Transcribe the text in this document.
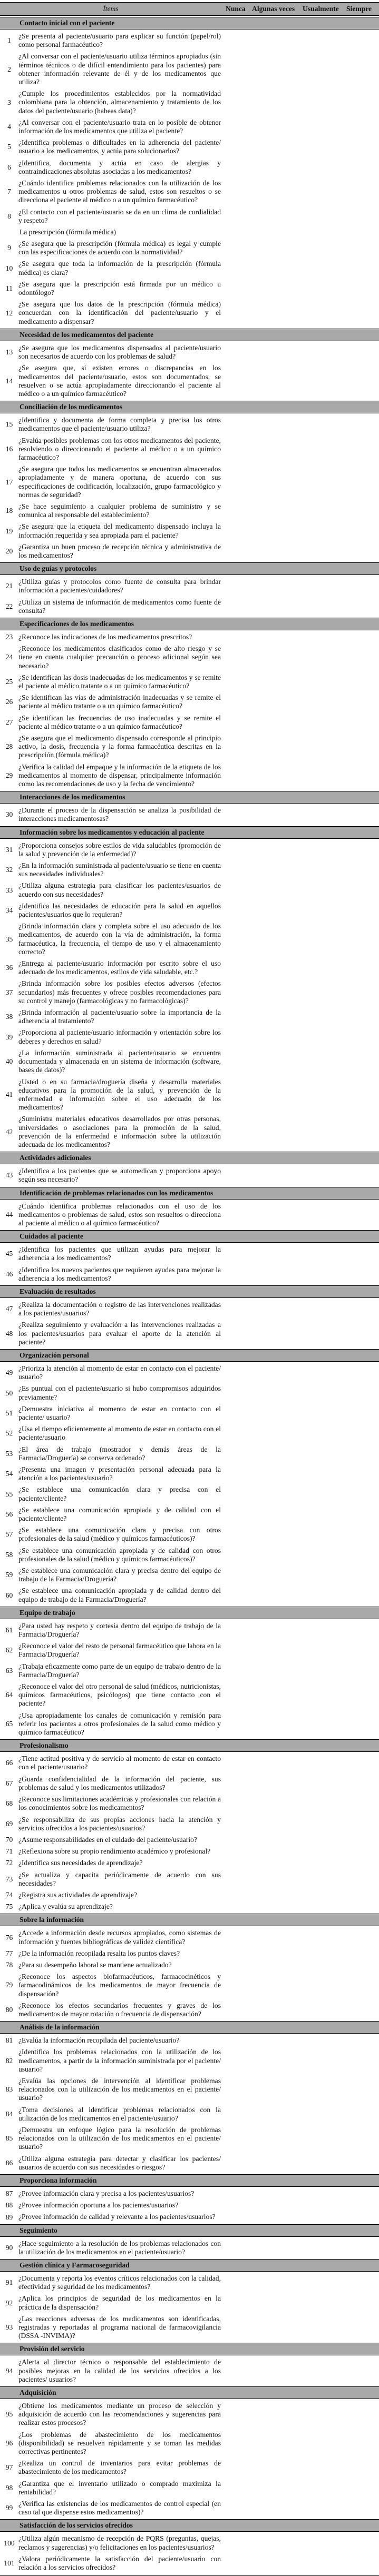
Ítems	Nunca Algunas veces Usualmente Siempre
Contacto inicial con el paciente
1
¿Se presenta al paciente/usuario para explicar su función (papel/rol) como personal farmacéutico?
2
¿Al conversar con el paciente/usuario utiliza términos apropiados (sin términos técnicos o de difícil entendimiento para los pacientes) para obtener información relevante de él y de los medicamentos que utiliza?
3
¿Cumple los procedimientos establecidos por la normatividad colombiana para la obtención, almacenamiento y tratamiento de los datos del paciente/usuario (habeas data)?
4
¿Al conversar con el paciente/usuario trata en lo posible de obtener información de los medicamentos que utiliza el paciente?
5
¿Identifica problemas o dificultades en la adherencia del paciente/ usuario a los medicamentos, y actúa para solucionarlos?
6
¿Identifica, documenta y actúa en caso de alergias y contraindicaciones absolutas asociadas a los medicamentos?
7
¿Cuándo identifica problemas relacionados con la utilización de los medicamentos u otros problemas de salud, estos son resueltos o se direcciona el paciente al médico o a un químico farmacéutico?
8
¿El contacto con el paciente/usuario se da en un clima de cordialidad y respeto?
La prescripción (fórmula médica)
9
¿Se asegura que la prescripción (fórmula médica) es legal y cumple con las especificaciones de acuerdo con la normatividad?
10
¿Se asegura que toda la información de la prescripción (fórmula médica) es clara?
11
¿Se asegura que la prescripción está firmada por un médico u odontólogo?
12
¿Se asegura que los datos de la prescripción (fórmula médica) concuerdan con la identificación del paciente/usuario y el medicamento a dispensar?
Necesidad de los medicamentos del paciente
13
¿Se asegura que los medicamentos dispensados al paciente/usuario son necesarios de acuerdo con los problemas de salud?
14
¿Se asegura que, si existen errores o discrepancias en los medicamentos del paciente/usuario, estos son documentados, se resuelven o se actúa apropiadamente direccionando el paciente al médico o a un químico farmacéutico?
Conciliación de los medicamentos
15
¿Identifica y documenta de forma completa y precisa los otros medicamentos que el paciente/usuario utiliza?
16
¿Evalúa posibles problemas con los otros medicamentos del paciente, resolviendo o direccionando el paciente al médico o a un químico farmacéutico?
17
¿Se asegura que todos los medicamentos se encuentran almacenados apropiadamente y de manera oportuna, de acuerdo con sus especificaciones de codificación, localización, grupo farmacológico y normas de seguridad?
18
¿Se hace seguimiento a cualquier problema de suministro y se comunica al responsable del establecimiento?
19
¿Se asegura que la etiqueta del medicamento dispensado incluya la información requerida y sea apropiada para el paciente?
20
¿Garantiza un buen proceso de recepción técnica y administrativa de los medicamentos?
Uso de guías y protocolos
21
¿Utiliza guías y protocolos como fuente de consulta para brindar información a pacientes/cuidadores?
22
¿Utiliza un sistema de información de medicamentos como fuente de consulta?
Especificaciones de los medicamentos
23 ¿Reconoce las indicaciones de los medicamentos prescritos?
24
¿Reconoce los medicamentos clasificados como de alto riesgo y se tiene en cuenta cualquier precaución o proceso adicional según sea necesario?
25
¿Se identifican las dosis inadecuadas de los medicamentos y se remite el paciente al médico tratante o a un químico farmacéutico?
26
¿Se identifican las vías de administración inadecuadas y se remite el paciente al médico tratante o a un químico farmacéutico?
27
¿Se identifican las frecuencias de uso inadecuadas y se remite el paciente al médico tratante o a un químico farmacéutico?
28
¿Se asegura que el medicamento dispensado corresponde al principio activo, la dosis, frecuencia y la forma farmacéutica descritas en la prescripción (fórmula médica)?
29
¿Verifica la calidad del empaque y la información de la etiqueta de los medicamentos al momento de dispensar, principalmente información como las recomendaciones de uso y la fecha de vencimiento?
Interacciones de los medicamentos
30
¿Durante el proceso de la dispensación se analiza la posibilidad de interacciones medicamentosas?
Información sobre los medicamentos y educación al paciente
31
¿Proporciona consejos sobre estilos de vida saludables (promoción de la salud y prevención de la enfermedad)?
32
¿En la información suministrada al paciente/usuario se tiene en cuenta sus necesidades individuales?
33
¿Utiliza alguna estrategia para clasificar los pacientes/usuarios de acuerdo con sus necesidades?
34
¿Identifica las necesidades de educación para la salud en aquellos pacientes/usuarios que lo requieran?
35
¿Brinda información clara y completa sobre el uso adecuado de los medicamentos, de acuerdo con la vía de administración, la forma farmacéutica, la frecuencia, el tiempo de uso y el almacenamiento correcto?
36
¿Entrega al paciente/usuario información por escrito sobre el uso adecuado de los medicamentos, estilos de vida saludable, etc.?
37
¿Brinda información sobre los posibles efectos adversos (efectos secundarios) más frecuentes y ofrece posibles recomendaciones para su control y manejo (farmacológicas y no farmacológicas)?
38
¿Brinda información al paciente/usuario sobre la importancia de la adherencia al tratamiento?
39
¿Proporciona al paciente/usuario información y orientación sobre los deberes y derechos en salud?
40
¿La información suministrada al paciente/usuario se encuentra documentada y almacenada en un sistema de información (software, bases de datos)?
41
¿Usted o en su farmacia/droguería diseña y desarrolla materiales educativos para la promoción de la salud, y prevención de la enfermedad e información sobre el uso adecuado de los medicamentos?
42
¿Suministra materiales educativos desarrollados por otras personas, universidades o asociaciones para la promoción de la salud, prevención de la enfermedad e información sobre la utilización adecuada de los medicamentos?
Actividades adicionales
43
¿Identifica a los pacientes que se automedican y proporciona apoyo según sea necesario?
Identificación de problemas relacionados con los medicamentos
44
¿Cuándo identifica problemas relacionados con el uso de los medicamentos o problemas de salud, estos son resueltos o direcciona al paciente al médico o al químico farmacéutico?
Cuidados al paciente
45
¿Identifica los pacientes que utilizan ayudas para mejorar la adherencia a los medicamentos?
46
¿Identifica los nuevos pacientes que requieren ayudas para mejorar la adherencia a los medicamentos?
Evaluación de resultados
47
¿Realiza la documentación o registro de las intervenciones realizadas a los pacientes/usuarios?
48
¿Realiza seguimiento y evaluación a las intervenciones realizadas a los pacientes/usuarios para evaluar el aporte de la atención al paciente?
Organización personal
49
¿Prioriza la atención al momento de estar en contacto con el paciente/ usuario?
50
¿Es puntual con el paciente/usuario si hubo compromisos adquiridos previamente?
51
¿Demuestra iniciativa al momento de estar en contacto con el paciente/ usuario?
52
¿Usa el tiempo eficientemente al momento de estar en contacto con el paciente/usuario
53
¿El área de trabajo (mostrador y demás áreas de la Farmacia/Droguería) se conserva ordenado?
54
¿Presenta una imagen y presentación personal adecuada para la atención a los pacientes/usuario?
55
¿Se establece una comunicación clara y precisa con el paciente/cliente?
56
¿Se establece una comunicación apropiada y de calidad con el paciente/cliente?
57
¿Se establece una comunicación clara y precisa con otros profesionales de la salud (médico y químicos farmacéuticos)?
58
¿Se establece una comunicación apropiada y de calidad con otros profesionales de la salud (médico y químicos farmacéuticos)?
59
¿Se establece una comunicación clara y precisa dentro del equipo de trabajo de la Farmacia/Droguería?
60
¿Se establece una comunicación apropiada y de calidad dentro del equipo de trabajo de la Farmacia/Droguería?
Equipo de trabajo
61
¿Para usted hay respeto y cortesía dentro del equipo de trabajo de la Farmacia/Droguería?
62
¿Reconoce el valor del resto de personal farmacéutico que labora en la Farmacia/Droguería?
63
¿Trabaja eficazmente como parte de un equipo de trabajo dentro de la Farmacia/Droguería?
64
¿Reconoce el valor del otro personal de salud (médicos, nutricionistas, químicos farmacéuticos, psicólogos) que tiene contacto con el paciente?
65
¿Usa apropiadamente los canales de comunicación y remisión para referir los pacientes a otros profesionales de la salud como médico y químico farmacéutico?
Profesionalismo
66
¿Tiene actitud positiva y de servicio al momento de estar en contacto con el paciente/usuario?
67
¿Guarda confidencialidad de la información del paciente, sus problemas de salud y los medicamentos utilizados?
68
¿Reconoce sus limitaciones académicas y profesionales con relación a los conocimientos sobre los medicamentos?
69
¿Se responsabiliza de sus propias acciones hacia la atención y servicios ofrecidos a los pacientes/usuarios?
70 ¿Asume responsabilidades en el cuidado del paciente/usuario?
71 ¿Reflexiona sobre su propio rendimiento académico y profesional?
72 ¿Identifica sus necesidades de aprendizaje?
73
¿Se actualiza y capacita periódicamente de acuerdo con sus necesidades?
74 ¿Registra sus actividades de aprendizaje?
75 ¿Aplica y evalúa su aprendizaje?
Sobre la información
76
¿Accede a información desde recursos apropiados, como sistemas de información y fuentes bibliográficas de validez científica?
77 ¿De la información recopilada resalta los puntos claves?
78 ¿Para su desempeño laboral se mantiene actualizado?
79
¿Reconoce los aspectos biofarmacéuticos, farmacocinéticos y farmacodinámicos de los medicamentos de mayor frecuencia de dispensación?
80
¿Reconoce los efectos secundarios frecuentes y graves de los medicamentos de mayor rotación o frecuencia de dispensación?
Análisis de la información
81 ¿Evalúa la información recopilada del paciente/usuario?
82
¿Identifica los problemas relacionados con la utilización de los medicamentos, a partir de la información suministrada por el paciente/ usuario?
83
¿Evalúa las opciones de intervención al identificar problemas relacionados con la utilización de los medicamentos en el paciente/ usuario?
84
¿Toma decisiones al identificar problemas relacionados con la utilización de los medicamentos en el paciente/usuario?
85
¿Demuestra un enfoque lógico para la resolución de problemas relacionados con la utilización de los medicamentos en el paciente/ usuario?
86
¿Utiliza alguna estrategia para detectar y clasificar los pacientes/ usuarios de acuerdo con sus necesidades o riesgos?
Proporciona información
87 ¿Provee información clara y precisa a los pacientes/usuarios?
88 ¿Provee información oportuna a los pacientes/usuarios?
89 ¿Provee información de calidad y relevante a los pacientes/usuarios?
Seguimiento
90
¿Hace seguimiento a la resolución de los problemas relacionados con la utilización de los medicamentos en el paciente/usuario?
Gestión clínica y Farmacoseguridad
91
¿Documenta y reporta los eventos críticos relacionados con la calidad, efectividad y seguridad de los medicamentos?
92
¿Aplica los principios de seguridad de los medicamentos en la práctica de la dispensación?
93
¿Las reacciones adversas de los medicamentos son identificadas, registradas y reportadas al programa nacional de farmacovigilancia (DSSA -INVIMA)?
Provisión del servicio
94
¿Alerta al director técnico o responsable del establecimiento de posibles mejoras en la calidad de los servicios ofrecidos a los pacientes/ usuarios?
Adquisición
95
¿Obtiene los medicamentos mediante un proceso de selección y adquisición de acuerdo con las recomendaciones y sugerencias para realizar estos procesos?
96
¿Los problemas de abastecimiento de los medicamentos (disponibilidad) se resuelven rápidamente y se toman las medidas correctivas pertinentes?
97
¿Realiza un control de inventarios para evitar problemas de abastecimiento de los medicamentos?
98
¿Garantiza que el inventario utilizado o comprado maximiza la rentabilidad?
99
¿Verifica las existencias de los medicamentos de control especial (en caso tal que dispense estos medicamentos)?
Satisfacción de los servicios ofrecidos
100
¿Utiliza algún mecanismo de recepción de PQRS (preguntas, quejas, reclamos y sugerencias) y/o felicitaciones en los pacientes/usuarios?
101
¿Valora periódicamente la satisfacción del paciente/usuario con relación a los servicios ofrecidos?
